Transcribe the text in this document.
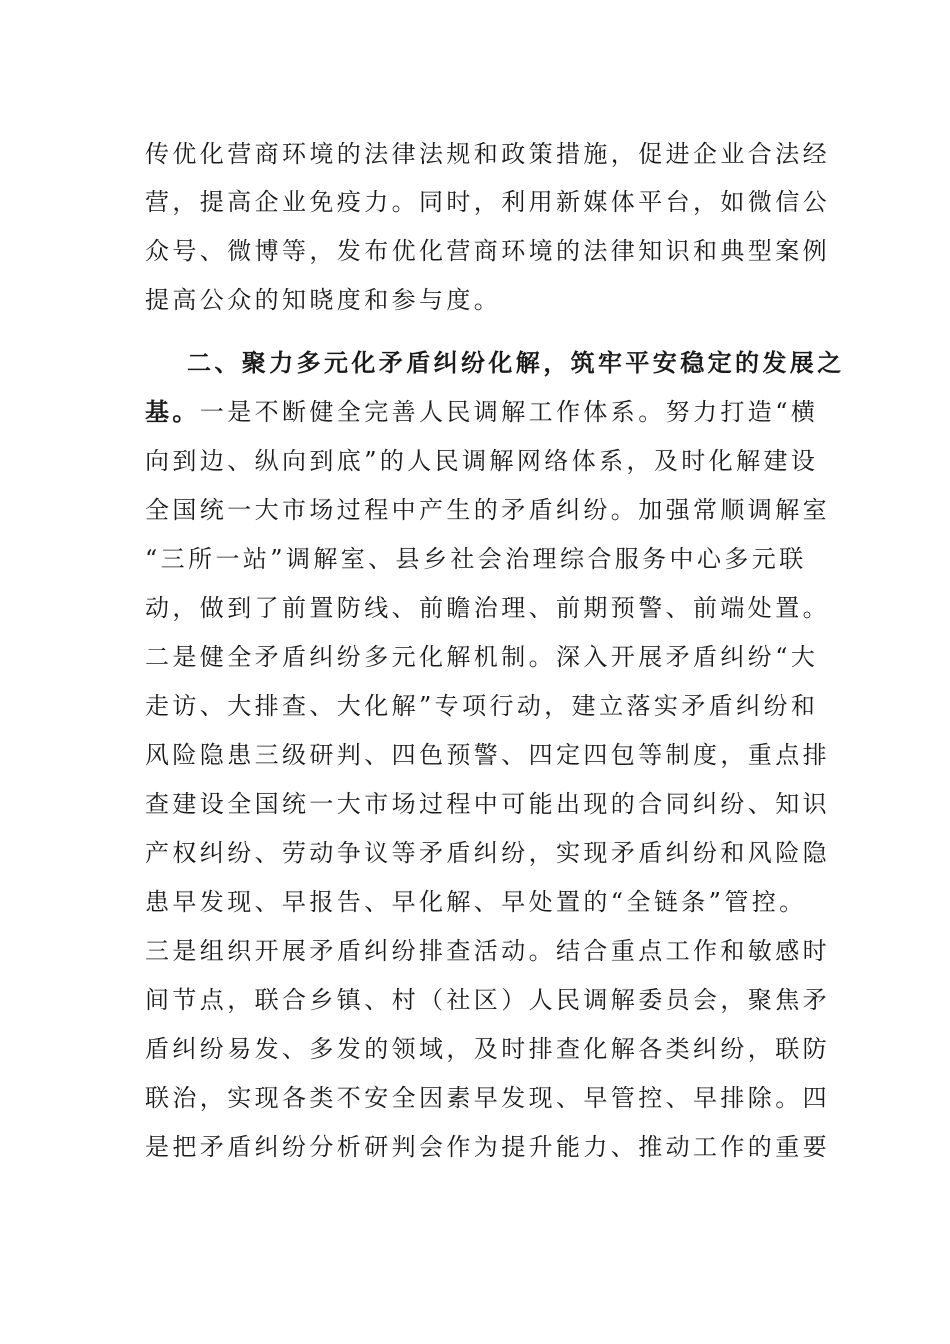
传优化营商环境的法律法规和政策措施，促进企业合法经
营，提高企业免疫力。同时，利用新媒体平台，如微信公
众号、微博等，发布优化营商环境的法律知识和典型案例
提高公众的知晓度和参与度。
二、聚力多元化矛盾纠纷化解，筑牢平安稳定的发展之
基。一是不断健全完善人民调解工作体系。努力打造“横
向到边、纵向到底”的人民调解网络体系，及时化解建设
全国统一大市场过程中产生的矛盾纠纷。加强常顺调解室
“三所一站”调解室、县乡社会治理综合服务中心多元联
动，做到了前置防线、前瞻治理、前期预警、前端处置。
二是健全矛盾纠纷多元化解机制。深入开展矛盾纠纷“大
走访、大排查、大化解”专项行动，建立落实矛盾纠纷和
风险隐患三级研判、四色预警、四定四包等制度，重点排
查建设全国统一大市场过程中可能出现的合同纠纷、知识
产权纠纷、劳动争议等矛盾纠纷，实现矛盾纠纷和风险隐
患早发现、早报告、早化解、早处置的“全链条”管控。
三是组织开展矛盾纠纷排查活动。结合重点工作和敏感时
间节点，联合乡镇、村（社区）人民调解委员会，聚焦矛
盾纠纷易发、多发的领域，及时排查化解各类纠纷，联防
联治，实现各类不安全因素早发现、早管控、早排除。四
是把矛盾纠纷分析研判会作为提升能力、推动工作的重要
